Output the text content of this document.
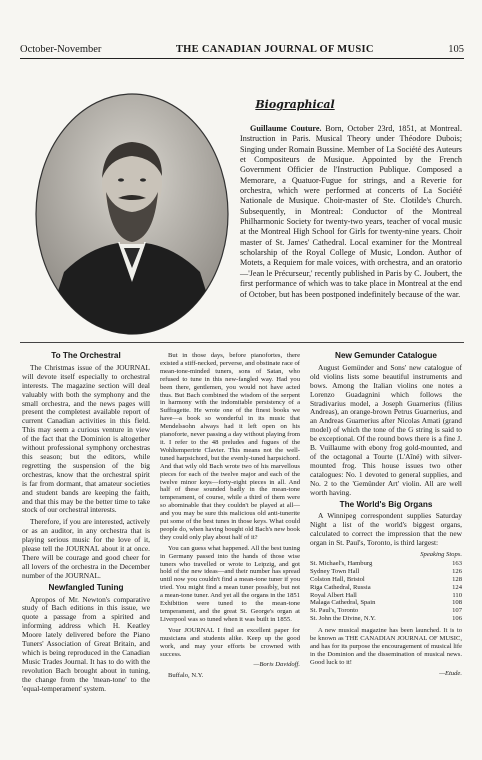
October-November	THE CANADIAN JOURNAL OF MUSIC	105
Biographical
Guillaume Couture. Born, October 23rd, 1851, at Montreal. Instruction in Paris. Musical Theory under Théodore Dubois; Singing under Romain Bussine. Member of La Société des Auteurs et Compositeurs de Musique. Appointed by the French Government Officier de l'Instruction Publique. Composed a Memorare, a Quatuor-Fugue for strings, and a Reverie for orchestra, which were performed at concerts of La Société Nationale de Musique. Choir-master of Ste. Clotilde's Church. Subsequently, in Montreal: Conductor of the Montreal Philharmonic Society for twenty-two years, teacher of vocal music at the Montreal High School for Girls for twenty-nine years. Choir master of St. James' Cathedral. Local examiner for the Montreal scholarship of the Royal College of Music, London. Author of Motets, a Requiem for male voices, with orchestra, and an oratorio—'Jean le Précurseur,' recently published in Paris by C. Joubert, the first performance of which was to take place in Montreal at the end of October, but has been postponed indefinitely because of the war.
To The Orchestral

The Christmas issue of the JOURNAL will devote itself especially to orchestral interests. The magazine section will deal valuably with both the symphony and the small orchestra, and the news pages will present the completest available report of current Canadian activities in this field. This may seem a curious venture in view of the fact that the Dominion is altogether without professional symphony orchestras this season; but the editors, while regretting the suspension of the big orchestras, know that the orchestral spirit is far from dormant, that amateur societies and student bands are keeping the faith, and that this may be the better time to take stock of our orchestral interests.

Therefore, if you are interested, actively or as an auditor, in any orchestra that is playing serious music for the love of it, please tell the JOURNAL about it at once. There will be courage and good cheer for all lovers of the orchestra in the December number of the JOURNAL.

Newfangled Tuning

Apropos of Mr. Newton's comparative study of Bach editions in this issue, we quote a passage from a spirited and informing address which H. Keatley Moore lately delivered before the Piano Tuners' Association of Great Britain, and which is being reproduced in the Canadian Music Trades Journal. It has to do with the revolution Bach brought about in tuning, the change from the 'mean-tone' to the 'equal-temperament' system.

But in those days, before pianofortes, there existed a stiff-necked, perverse, and obstinate race of mean-tone-minded tuners, sons of Satan, who refused to tune in this new-fangled way. Had you been there, gentlemen, you would not have acted thus. But Bach combined the wisdom of the serpent in harmony with the indomitable persistency of a Suffragette. He wrote one of the finest books we have—a book so wonderful in its music that Mendelssohn always had it left open on his pianoforte, never passing a day without playing from it. I refer to the 48 preludes and fugues of the Wohltemperirte Clavier. This means not the well-tuned harpsichord, but the evenly-tuned harpsichord. And that wily old Bach wrote two of his marvellous pieces for each of the twelve major and each of the twelve minor keys—forty-eight pieces in all. And half of these sounded badly in the mean-tone temperament, of course, while a third of them were so abominable that they couldn't be played at all—and you may be sure this malicious old anti-tunerite put some of the best tunes in those keys. What could people do, when having bought old Bach's new book they could only play about half of it?

You can guess what happened. All the best tuning in Germany passed into the hands of those wise tuners who travelled or wrote to Leipzig, and got hold of the new ideas—and their number has spread until now you couldn't find a mean-tone tuner if you tried. You might find a mean tuner possibly, but not a mean-tone tuner. And yet all the organs in the 1851 Exhibition were tuned to the mean-tone temperament, and the great St. George's organ at Liverpool was so tuned when it was built in 1855.

Your JOURNAL I find an excellent paper for musicians and students alike. Keep up the good work, and may your efforts be crowned with success.

—Boris Davidoff.

Buffalo, N.Y.

New Gemunder Catalogue

August Gemünder and Sons' new catalogue of old violins lists some beautiful instruments and bows. Among the Italian violins one notes a Lorenzo Guadagnini which follows the Stradivarius model, a Joseph Guarnerius (filius Andreas), an orange-brown Petrus Guarnerius, and an Andreas Guarnerius after Nicolas Amati (grand model) of which the tone of the G string is said to be exceptional. Of the round bows there is a fine J. B. Vuillaume with ebony frog gold-mounted, and of the octagonal a Tourte (L'Aîné) with silver-mounted frog. This house issues two other catalogues: No. 1 devoted to general supplies, and No. 2 to the 'Gemünder Art' violin. All are well worth having.

The World's Big Organs

A Winnipeg correspondent supplies Saturday Night a list of the world's biggest organs, calculated to correct the impression that the new organ in St. Paul's, Toronto, is third largest:

Speaking Stops.
St. Michael's, Hamburg	163
Sydney Town Hall	126
Colston Hall, Bristol	128
Riga Cathedral, Russia	124
Royal Albert Hall	110
Malaga Cathedral, Spain	108
St. Paul's, Toronto	107
St. John the Divine, N.Y.	106

A new musical magazine has been launched. It is to be known as THE CANADIAN JOURNAL OF MUSIC, and has for its purpose the encouragement of musical life in the Dominion and the dissemination of musical news. Good luck to it!

—Etude.
